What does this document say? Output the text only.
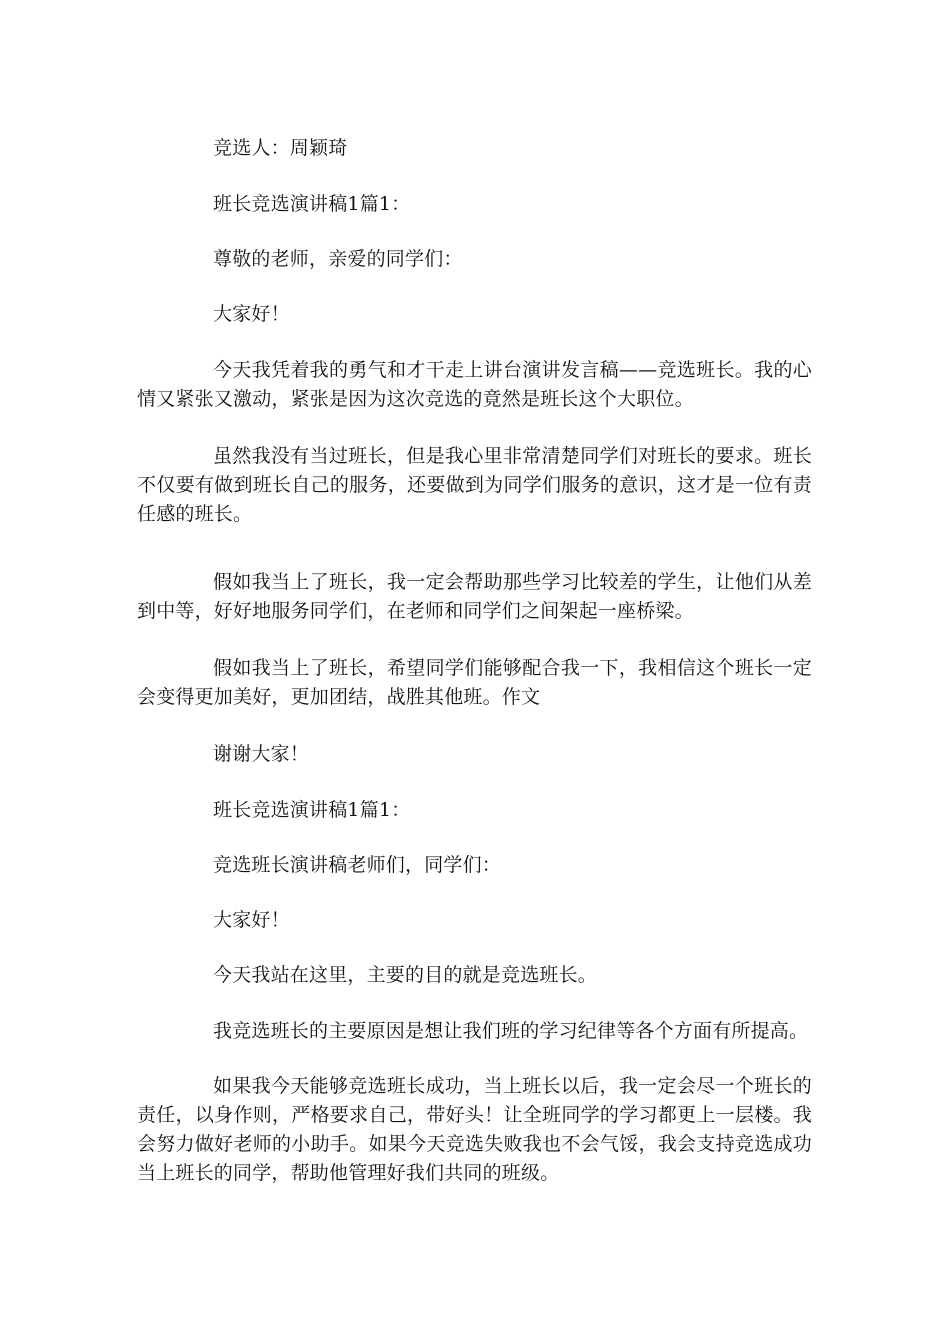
竞选人：周颖琦

班长竞选演讲稿1篇1：

尊敬的老师，亲爱的同学们：

大家好！

今天我凭着我的勇气和才干走上讲台演讲发言稿——竞选班长。我的心情又紧张又激动，紧张是因为这次竞选的竟然是班长这个大职位。

虽然我没有当过班长，但是我心里非常清楚同学们对班长的要求。班长不仅要有做到班长自己的服务，还要做到为同学们服务的意识，这才是一位有责任感的班长。

假如我当上了班长，我一定会帮助那些学习比较差的学生，让他们从差到中等，好好地服务同学们，在老师和同学们之间架起一座桥梁。

假如我当上了班长，希望同学们能够配合我一下，我相信这个班长一定会变得更加美好，更加团结，战胜其他班。作文

谢谢大家！

班长竞选演讲稿1篇1：

竞选班长演讲稿老师们，同学们：

大家好！

今天我站在这里，主要的目的就是竞选班长。

我竞选班长的主要原因是想让我们班的学习纪律等各个方面有所提高。

如果我今天能够竞选班长成功，当上班长以后，我一定会尽一个班长的责任，以身作则，严格要求自己，带好头！让全班同学的学习都更上一层楼。我会努力做好老师的小助手。如果今天竞选失败我也不会气馁，我会支持竞选成功当上班长的同学，帮助他管理好我们共同的班级。
